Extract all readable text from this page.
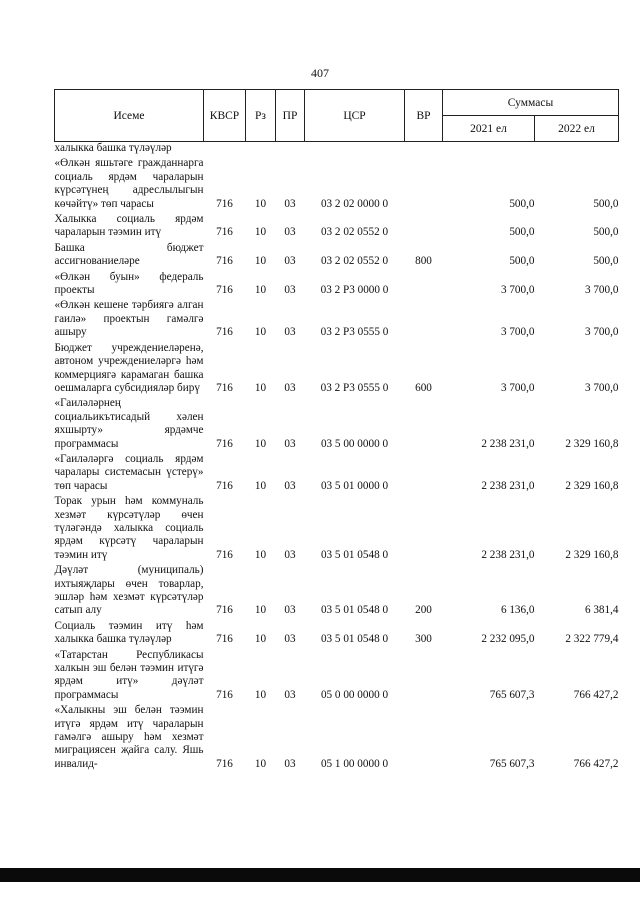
407
Исеме	КВСР	Рз	ПР	ЦСР	ВР	Суммасы	
						2021 ел	2022 ел
халыкка башка түләүләр							
«Өлкән яшьтәге гражданнарга социаль ярдәм чараларын күрсәтүнең адреслылыгын көчәйтү» төп чарасы	716	10	03	03 2 02 0000 0		500,0	500,0
Халыкка социаль ярдәм чараларын тәэмин итү	716	10	03	03 2 02 0552 0		500,0	500,0
Башка бюджет ассигнованиеләре	716	10	03	03 2 02 0552 0	800	500,0	500,0
«Өлкән буын» федераль проекты	716	10	03	03 2 P3 0000 0		3 700,0	3 700,0
«Өлкән кешене тәрбиягә алган гаилә» проектын гамәлгә ашыру	716	10	03	03 2 P3 0555 0		3 700,0	3 700,0
Бюджет учреждениеләренә, автоном учреждениеләргә һәм коммерциягә карамаган башка оешмаларга субсидияләр бирү	716	10	03	03 2 P3 0555 0	600	3 700,0	3 700,0
«Гаиләләрнең социальикътисадый хәлен яхшырту» ярдәмче программасы	716	10	03	03 5 00 0000 0		2 238 231,0	2 329 160,8
«Гаиләләргә социаль ярдәм чаралары системасын үстерү» төп чарасы	716	10	03	03 5 01 0000 0		2 238 231,0	2 329 160,8
Торак урын һәм коммуналь хезмәт күрсәтүләр өчен түләгәндә халыкка социаль ярдәм күрсәтү чараларын тәэмин итү	716	10	03	03 5 01 0548 0		2 238 231,0	2 329 160,8
Дәүләт (муниципаль) ихтыяҗлары өчен товарлар, эшләр һәм хезмәт күрсәтүләр сатып алу	716	10	03	03 5 01 0548 0	200	6 136,0	6 381,4
Социаль тәэмин итү һәм халыкка башка түләүләр	716	10	03	03 5 01 0548 0	300	2 232 095,0	2 322 779,4
«Татарстан Республикасы халкын эш белән тәэмин итүгә ярдәм итү» дәүләт программасы	716	10	03	05 0 00 0000 0		765 607,3	766 427,2
«Халыкны эш белән тәэмин итүгә ярдәм итү чараларын гамәлгә ашыру һәм хезмәт миграциясен җайга салу. Яшь инвалид-	716	10	03	05 1 00 0000 0		765 607,3	766 427,2
